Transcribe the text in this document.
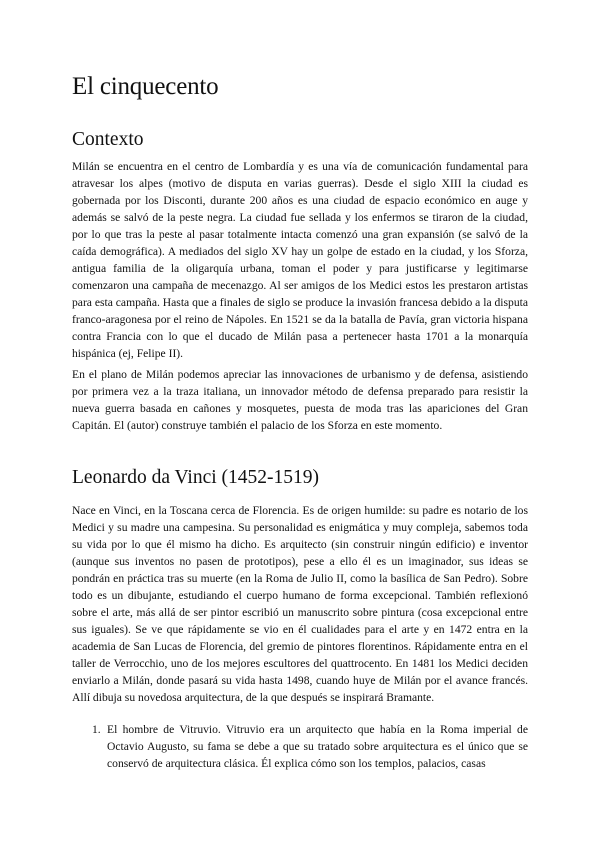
El cinquecento
Contexto

Milán se encuentra en el centro de Lombardía y es una vía de comunicación fundamental para atravesar los alpes (motivo de disputa en varias guerras). Desde el siglo XIII la ciudad es gobernada por los Disconti, durante 200 años es una ciudad de espacio económico en auge y además se salvó de la peste negra. La ciudad fue sellada y los enfermos se tiraron de la ciudad, por lo que tras la peste al pasar totalmente intacta comenzó una gran expansión (se salvó de la caída demográfica). A mediados del siglo XV hay un golpe de estado en la ciudad, y los Sforza, antigua familia de la oligarquía urbana, toman el poder y para justificarse y legitimarse comenzaron una campaña de mecenazgo. Al ser amigos de los Medici estos les prestaron artistas para esta campaña. Hasta que a finales de siglo se produce la invasión francesa debido a la disputa franco-aragonesa por el reino de Nápoles. En 1521 se da la batalla de Pavía, gran victoria hispana contra Francia con lo que el ducado de Milán pasa a pertenecer hasta 1701 a la monarquía hispánica (ej, Felipe II).

En el plano de Milán podemos apreciar las innovaciones de urbanismo y de defensa, asistiendo por primera vez a la traza italiana, un innovador método de defensa preparado para resistir la nueva guerra basada en cañones y mosquetes, puesta de moda tras las apariciones del Gran Capitán. El (autor) construye también el palacio de los Sforza en este momento.

Leonardo da Vinci (1452-1519)

Nace en Vinci, en la Toscana cerca de Florencia. Es de origen humilde: su padre es notario de los Medici y su madre una campesina. Su personalidad es enigmática y muy compleja, sabemos toda su vida por lo que él mismo ha dicho. Es arquitecto (sin construir ningún edificio) e inventor (aunque sus inventos no pasen de prototipos), pese a ello él es un imaginador, sus ideas se pondrán en práctica tras su muerte (en la Roma de Julio II, como la basílica de San Pedro). Sobre todo es un dibujante, estudiando el cuerpo humano de forma excepcional. También reflexionó sobre el arte, más allá de ser pintor escribió un manuscrito sobre pintura (cosa excepcional entre sus iguales). Se ve que rápidamente se vio en él cualidades para el arte y en 1472 entra en la academia de San Lucas de Florencia, del gremio de pintores florentinos. Rápidamente entra en el taller de Verrocchio, uno de los mejores escultores del quattrocento. En 1481 los Medici deciden enviarlo a Milán, donde pasará su vida hasta 1498, cuando huye de Milán por el avance francés. Allí dibuja su novedosa arquitectura, de la que después se inspirará Bramante.

1. El hombre de Vitruvio. Vitruvio era un arquitecto que había en la Roma imperial de Octavio Augusto, su fama se debe a que su tratado sobre arquitectura es el único que se conservó de arquitectura clásica. Él explica cómo son los templos, palacios, casas
